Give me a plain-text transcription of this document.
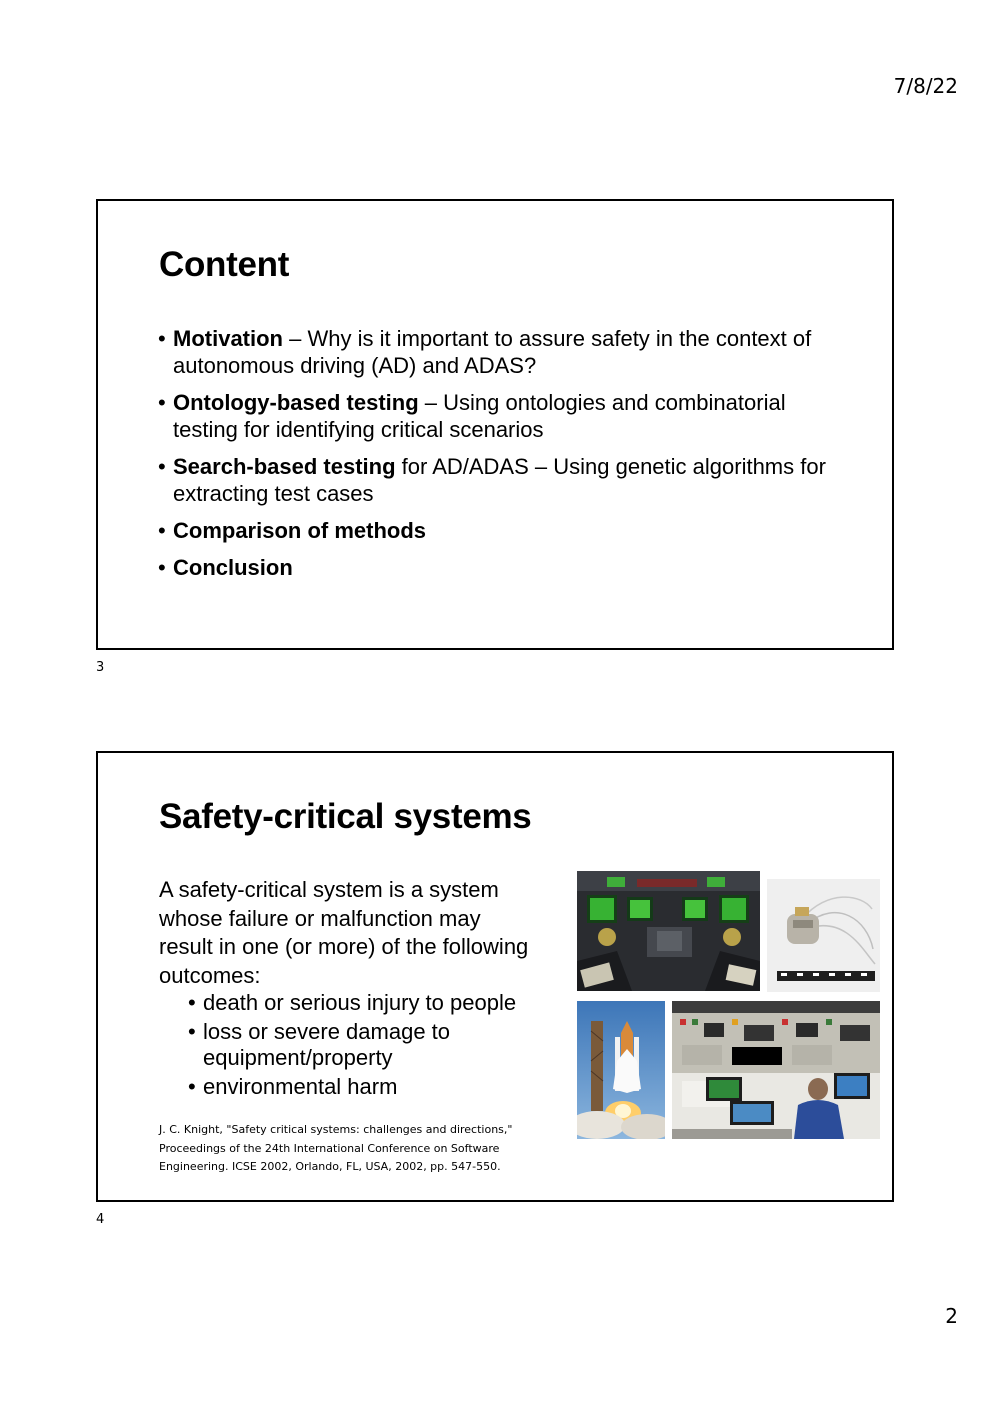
7/8/22
Content
• Motivation – Why is it important to assure safety in the context of autonomous driving (AD) and ADAS?
• Ontology-based testing – Using ontologies and combinatorial testing for identifying critical scenarios
• Search-based testing for AD/ADAS – Using genetic algorithms for extracting test cases
• Comparison of methods
• Conclusion
3
Safety-critical systems
A safety-critical system is a system whose failure or malfunction may result in one (or more) of the following outcomes:
• death or serious injury to people
• loss or severe damage to equipment/property
• environmental harm
J. C. Knight, "Safety critical systems: challenges and directions," Proceedings of the 24th International Conference on Software Engineering. ICSE 2002, Orlando, FL, USA, 2002, pp. 547-550.
4
2
